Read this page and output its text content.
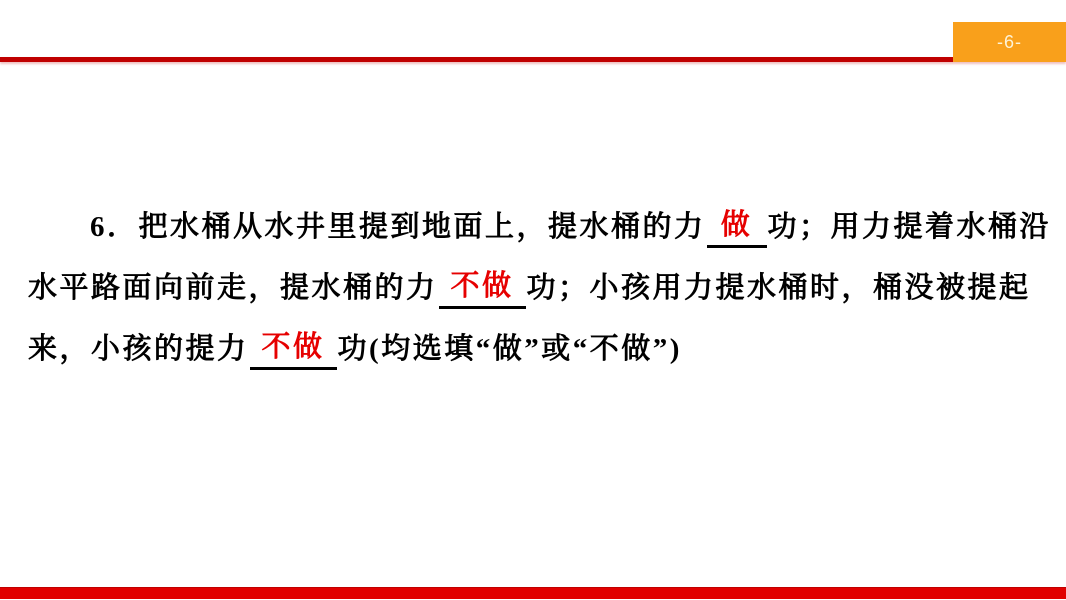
-6-
6．把水桶从水井里提到地面上，提水桶的力 做 功；用力提着水桶沿
水平路面向前走，提水桶的力 不做 功；小孩用力提水桶时，桶没被提起
来，小孩的提力 不做 功(均选填“做”或“不做”)
